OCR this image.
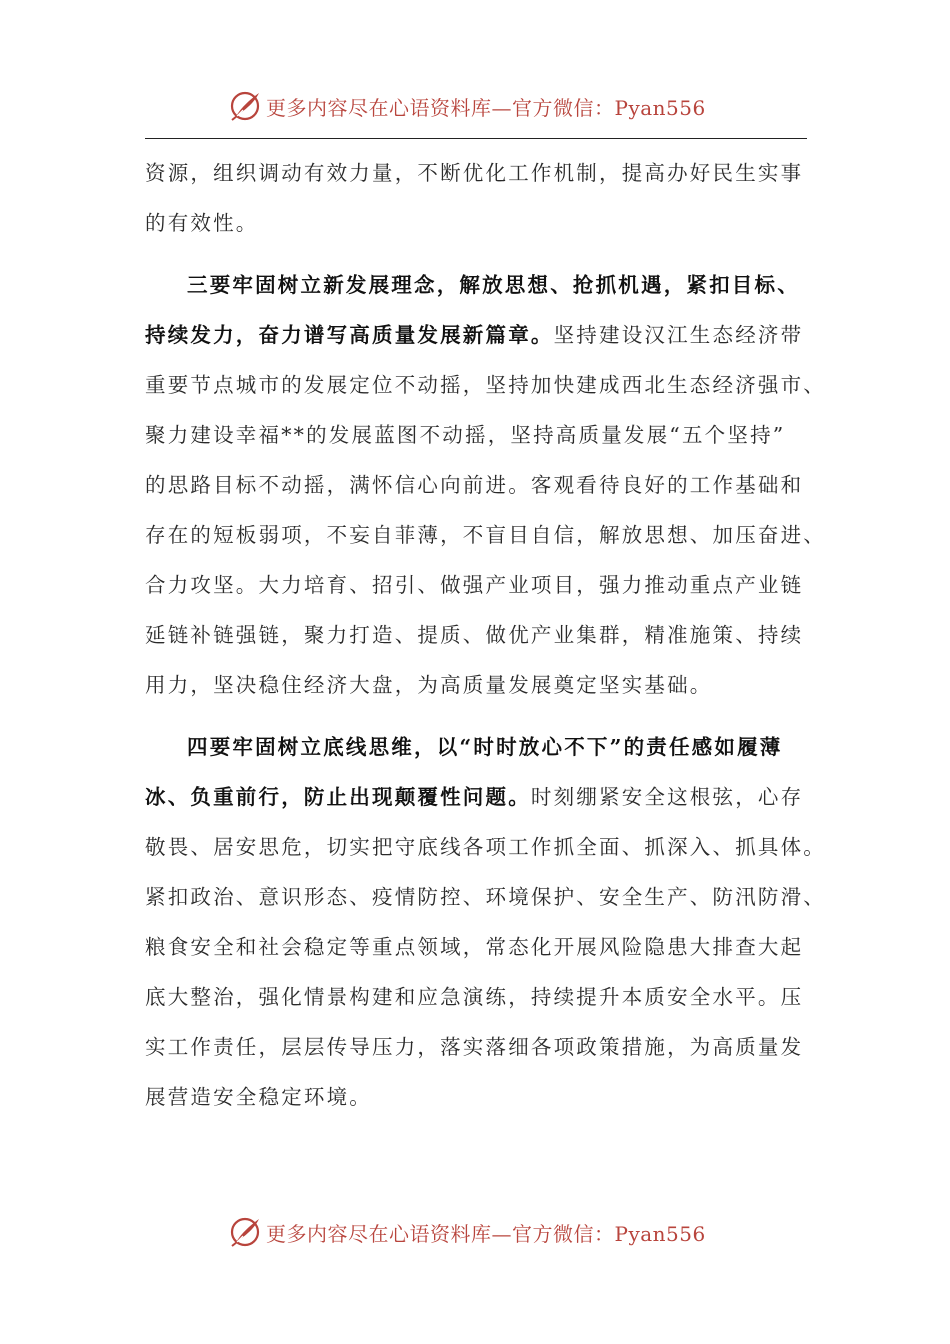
更多内容尽在心语资料库—官方微信：Pyan556

资源，组织调动有效力量，不断优化工作机制，提高办好民生实事
的有效性。

三要牢固树立新发展理念，解放思想、抢抓机遇，紧扣目标、
持续发力，奋力谱写高质量发展新篇章。坚持建设汉江生态经济带
重要节点城市的发展定位不动摇，坚持加快建成西北生态经济强市、
聚力建设幸福**的发展蓝图不动摇，坚持高质量发展“五个坚持”
的思路目标不动摇，满怀信心向前进。客观看待良好的工作基础和
存在的短板弱项，不妄自菲薄，不盲目自信，解放思想、加压奋进、
合力攻坚。大力培育、招引、做强产业项目，强力推动重点产业链
延链补链强链，聚力打造、提质、做优产业集群，精准施策、持续
用力，坚决稳住经济大盘，为高质量发展奠定坚实基础。

四要牢固树立底线思维，以“时时放心不下”的责任感如履薄
冰、负重前行，防止出现颠覆性问题。时刻绷紧安全这根弦，心存
敬畏、居安思危，切实把守底线各项工作抓全面、抓深入、抓具体。
紧扣政治、意识形态、疫情防控、环境保护、安全生产、防汛防滑、
粮食安全和社会稳定等重点领域，常态化开展风险隐患大排查大起
底大整治，强化情景构建和应急演练，持续提升本质安全水平。压
实工作责任，层层传导压力，落实落细各项政策措施，为高质量发
展营造安全稳定环境。

更多内容尽在心语资料库—官方微信：Pyan556
